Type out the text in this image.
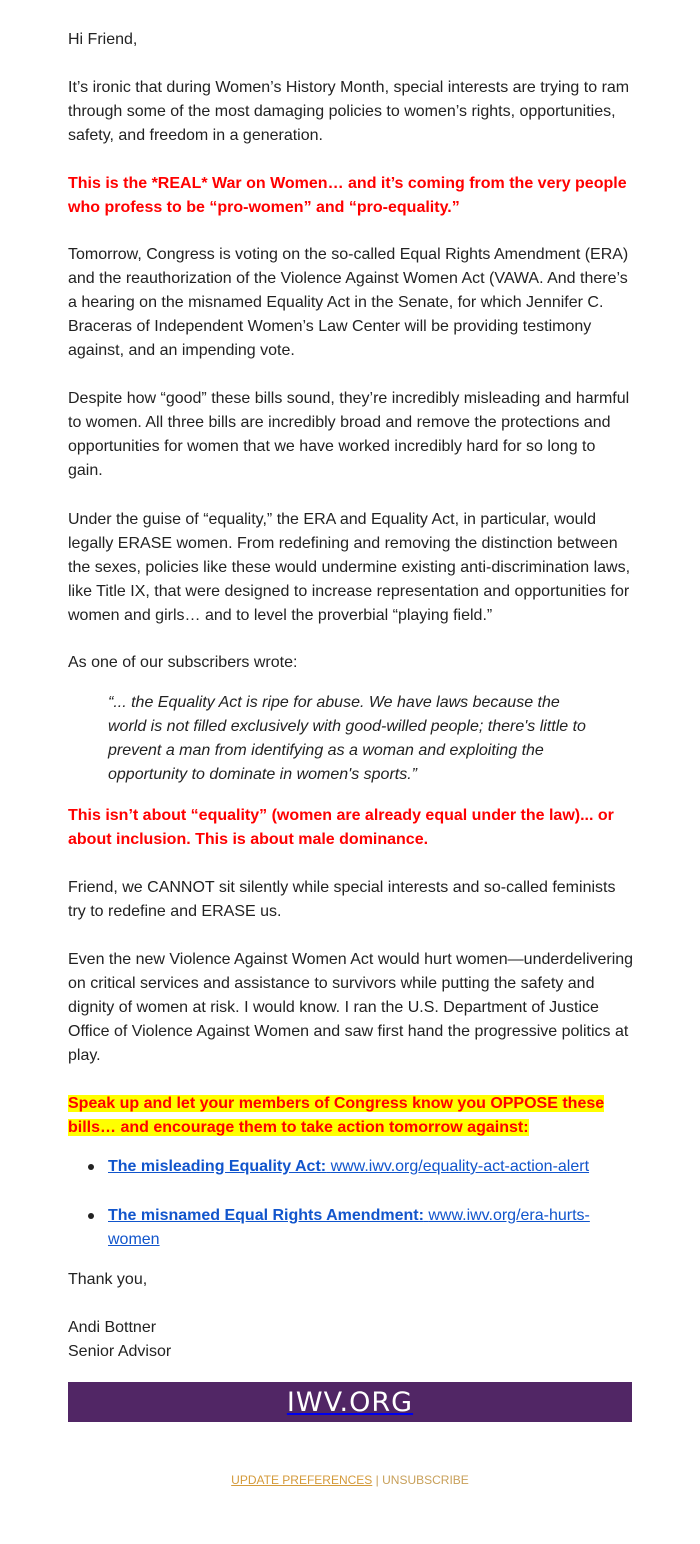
Hi Friend,

It’s ironic that during Women’s History Month, special interests are trying to ram through some of the most damaging policies to women’s rights, opportunities, safety, and freedom in a generation.

This is the *REAL* War on Women… and it’s coming from the very people who profess to be “pro-women” and “pro-equality.”

Tomorrow, Congress is voting on the so-called Equal Rights Amendment (ERA) and the reauthorization of the Violence Against Women Act (VAWA. And there’s a hearing on the misnamed Equality Act in the Senate, for which Jennifer C. Braceras of Independent Women’s Law Center will be providing testimony against, and an impending vote.

Despite how “good” these bills sound, they’re incredibly misleading and harmful to women. All three bills are incredibly broad and remove the protections and opportunities for women that we have worked incredibly hard for so long to gain.

Under the guise of “equality,” the ERA and Equality Act, in particular, would legally ERASE women. From redefining and removing the distinction between the sexes, policies like these would undermine existing anti-discrimination laws, like Title IX, that were designed to increase representation and opportunities for women and girls… and to level the proverbial “playing field.”

As one of our subscribers wrote:

“... the Equality Act is ripe for abuse. We have laws because the world is not filled exclusively with good-willed people; there's little to prevent a man from identifying as a woman and exploiting the opportunity to dominate in women's sports.”

This isn’t about “equality” (women are already equal under the law)... or about inclusion. This is about male dominance.

Friend, we CANNOT sit silently while special interests and so-called feminists try to redefine and ERASE us.

Even the new Violence Against Women Act would hurt women—underdelivering on critical services and assistance to survivors while putting the safety and dignity of women at risk. I would know. I ran the U.S. Department of Justice Office of Violence Against Women and saw first hand the progressive politics at play.

Speak up and let your members of Congress know you OPPOSE these bills… and encourage them to take action tomorrow against:

The misleading Equality Act: www.iwv.org/equality-act-action-alert
The misnamed Equal Rights Amendment: www.iwv.org/era-hurts-women

Thank you,

Andi Bottner

Senior Advisor

IWV.ORG
UPDATE PREFERENCES | UNSUBSCRIBE
